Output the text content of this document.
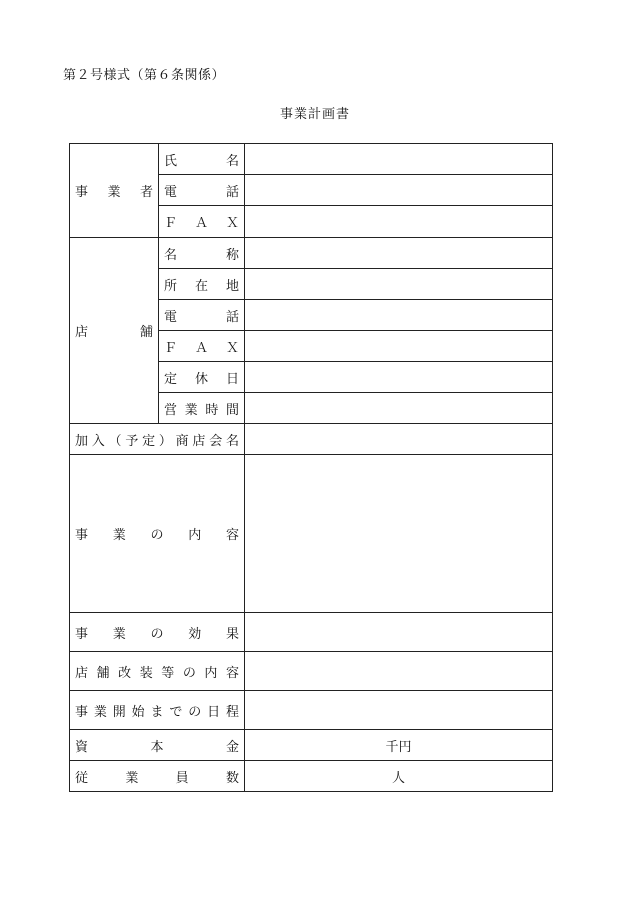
第２号様式（第６条関係）
事業計画書
事　業　者	氏　　　名	
	電　　　話	
	Ｆ　Ａ　Ｘ	
店　　　舗	名　　　称	
	所　在　地	
	電　　　話	
	Ｆ　Ａ　Ｘ	
	定　休　日	
	営業時間	
加入（予定）商店会名		
事業の内容		
事業の効果		
店舗改装等の内容		
事業開始までの日程		
資　　本　　金		千円
従　業　員　数		人
